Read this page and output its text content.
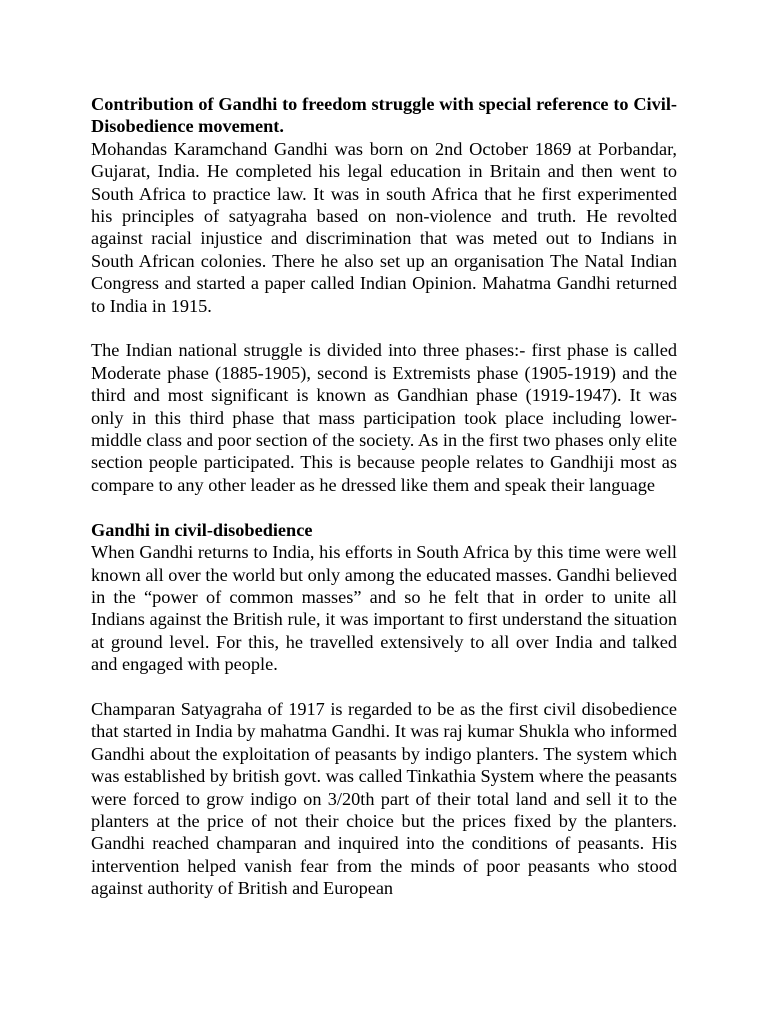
Contribution of Gandhi to freedom struggle with special reference to Civil-Disobedience movement.

Mohandas Karamchand Gandhi was born on 2nd October 1869 at Porbandar, Gujarat, India. He completed his legal education in Britain and then went to South Africa to practice law. It was in south Africa that he first experimented his principles of satyagraha based on non-violence and truth. He revolted against racial injustice and discrimination that was meted out to Indians in South African colonies. There he also set up an organisation The Natal Indian Congress and started a paper called Indian Opinion. Mahatma Gandhi returned to India in 1915.

The Indian national struggle is divided into three phases:- first phase is called Moderate phase (1885-1905), second is Extremists phase (1905-1919) and the third and most significant is known as Gandhian phase (1919-1947). It was only in this third phase that mass participation took place including lower-middle class and poor section of the society. As in the first two phases only elite section people participated. This is because people relates to Gandhiji most as compare to any other leader as he dressed like them and speak their language

Gandhi in civil-disobedience

When Gandhi returns to India, his efforts in South Africa by this time were well known all over the world but only among the educated masses. Gandhi believed in the “power of common masses” and so he felt that in order to unite all Indians against the British rule, it was important to first understand the situation at ground level. For this, he travelled extensively to all over India and talked and engaged with people.

Champaran Satyagraha of 1917 is regarded to be as the first civil disobedience that started in India by mahatma Gandhi. It was raj kumar Shukla who informed Gandhi about the exploitation of peasants by indigo planters. The system which was established by british govt. was called Tinkathia System where the peasants were forced to grow indigo on 3/20th part of their total land and sell it to the planters at the price of not their choice but the prices fixed by the planters. Gandhi reached champaran and inquired into the conditions of peasants. His intervention helped vanish fear from the minds of poor peasants who stood against authority of British and European
